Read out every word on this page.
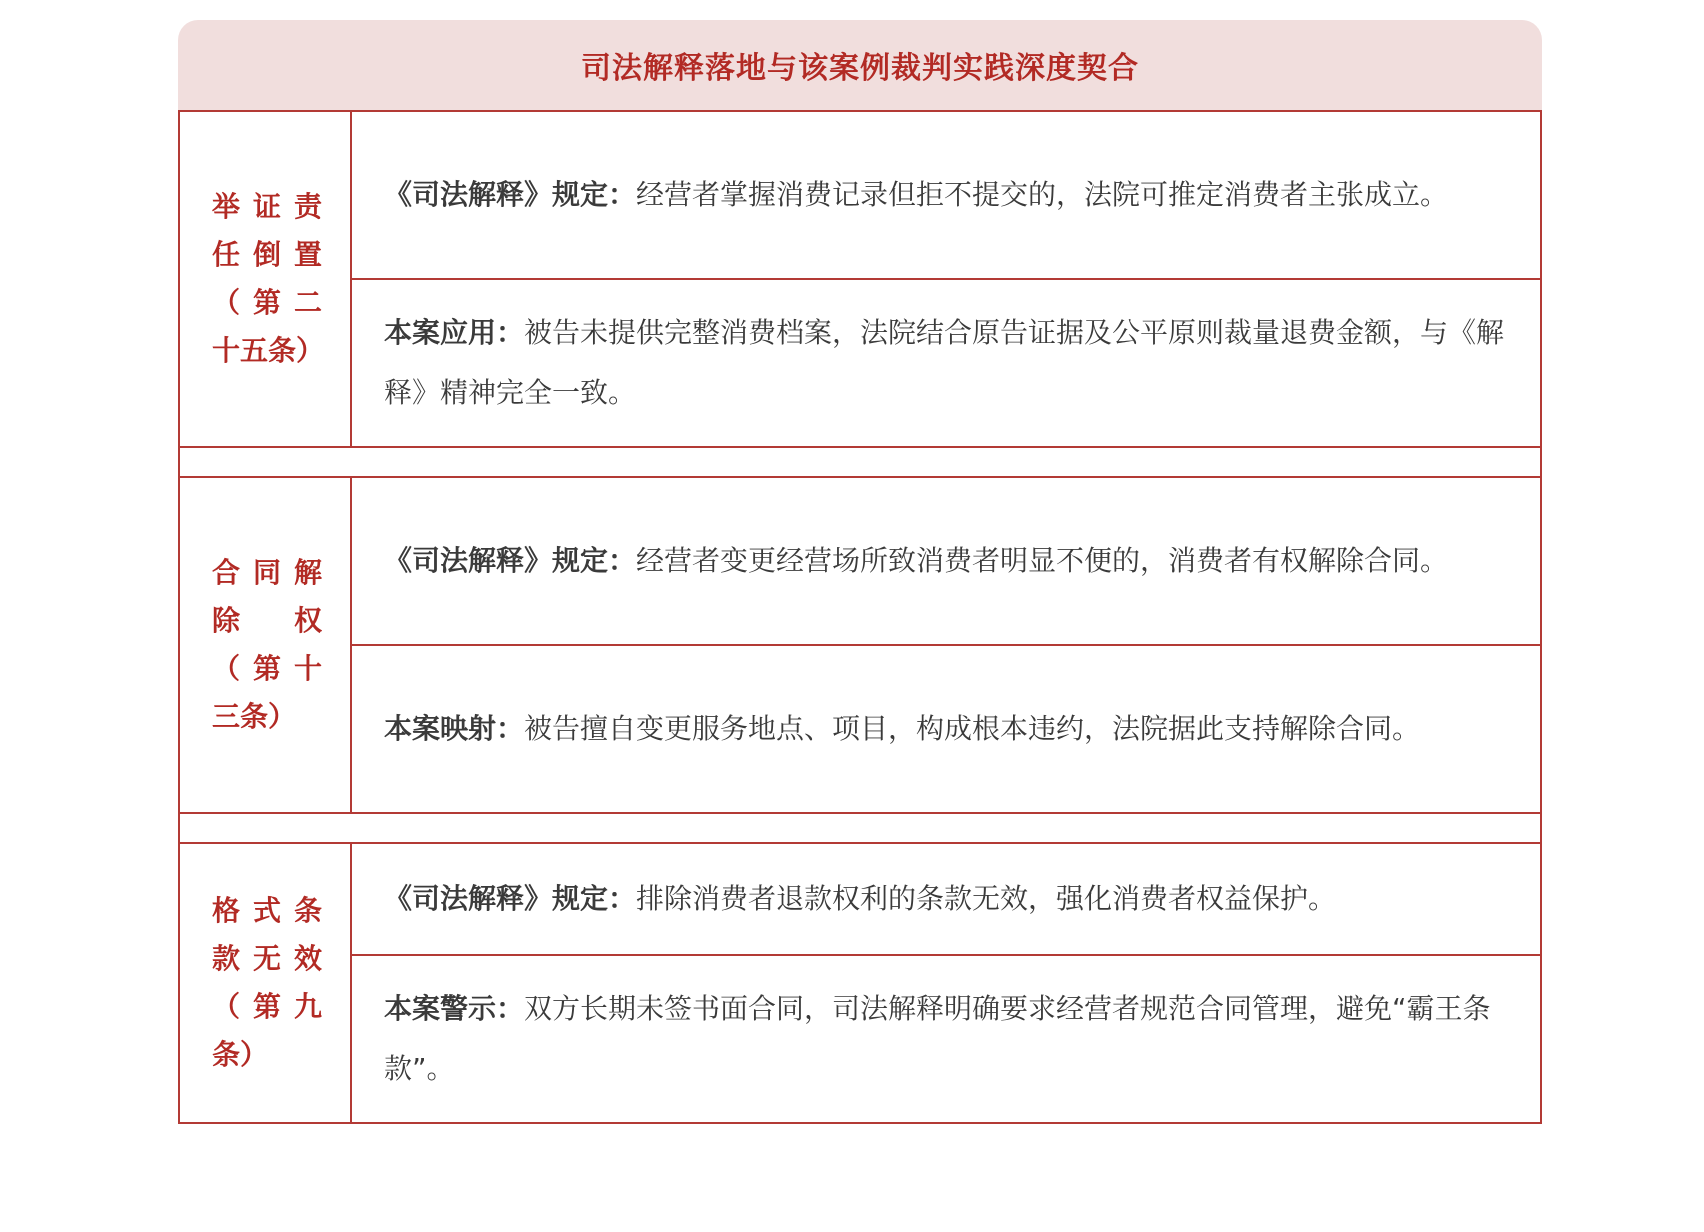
司法解释落地与该案例裁判实践深度契合
举证责任倒置（第二十五条）
《司法解释》规定：经营者掌握消费记录但拒不提交的，法院可推定消费者主张成立。
本案应用：被告未提供完整消费档案，法院结合原告证据及公平原则裁量退费金额，与《解释》精神完全一致。
合同解除权（第十三条）
《司法解释》规定：经营者变更经营场所致消费者明显不便的，消费者有权解除合同。
本案映射：被告擅自变更服务地点、项目，构成根本违约，法院据此支持解除合同。
格式条款无效（第九条）
《司法解释》规定：排除消费者退款权利的条款无效，强化消费者权益保护。
本案警示：双方长期未签书面合同，司法解释明确要求经营者规范合同管理，避免“霸王条款”。
